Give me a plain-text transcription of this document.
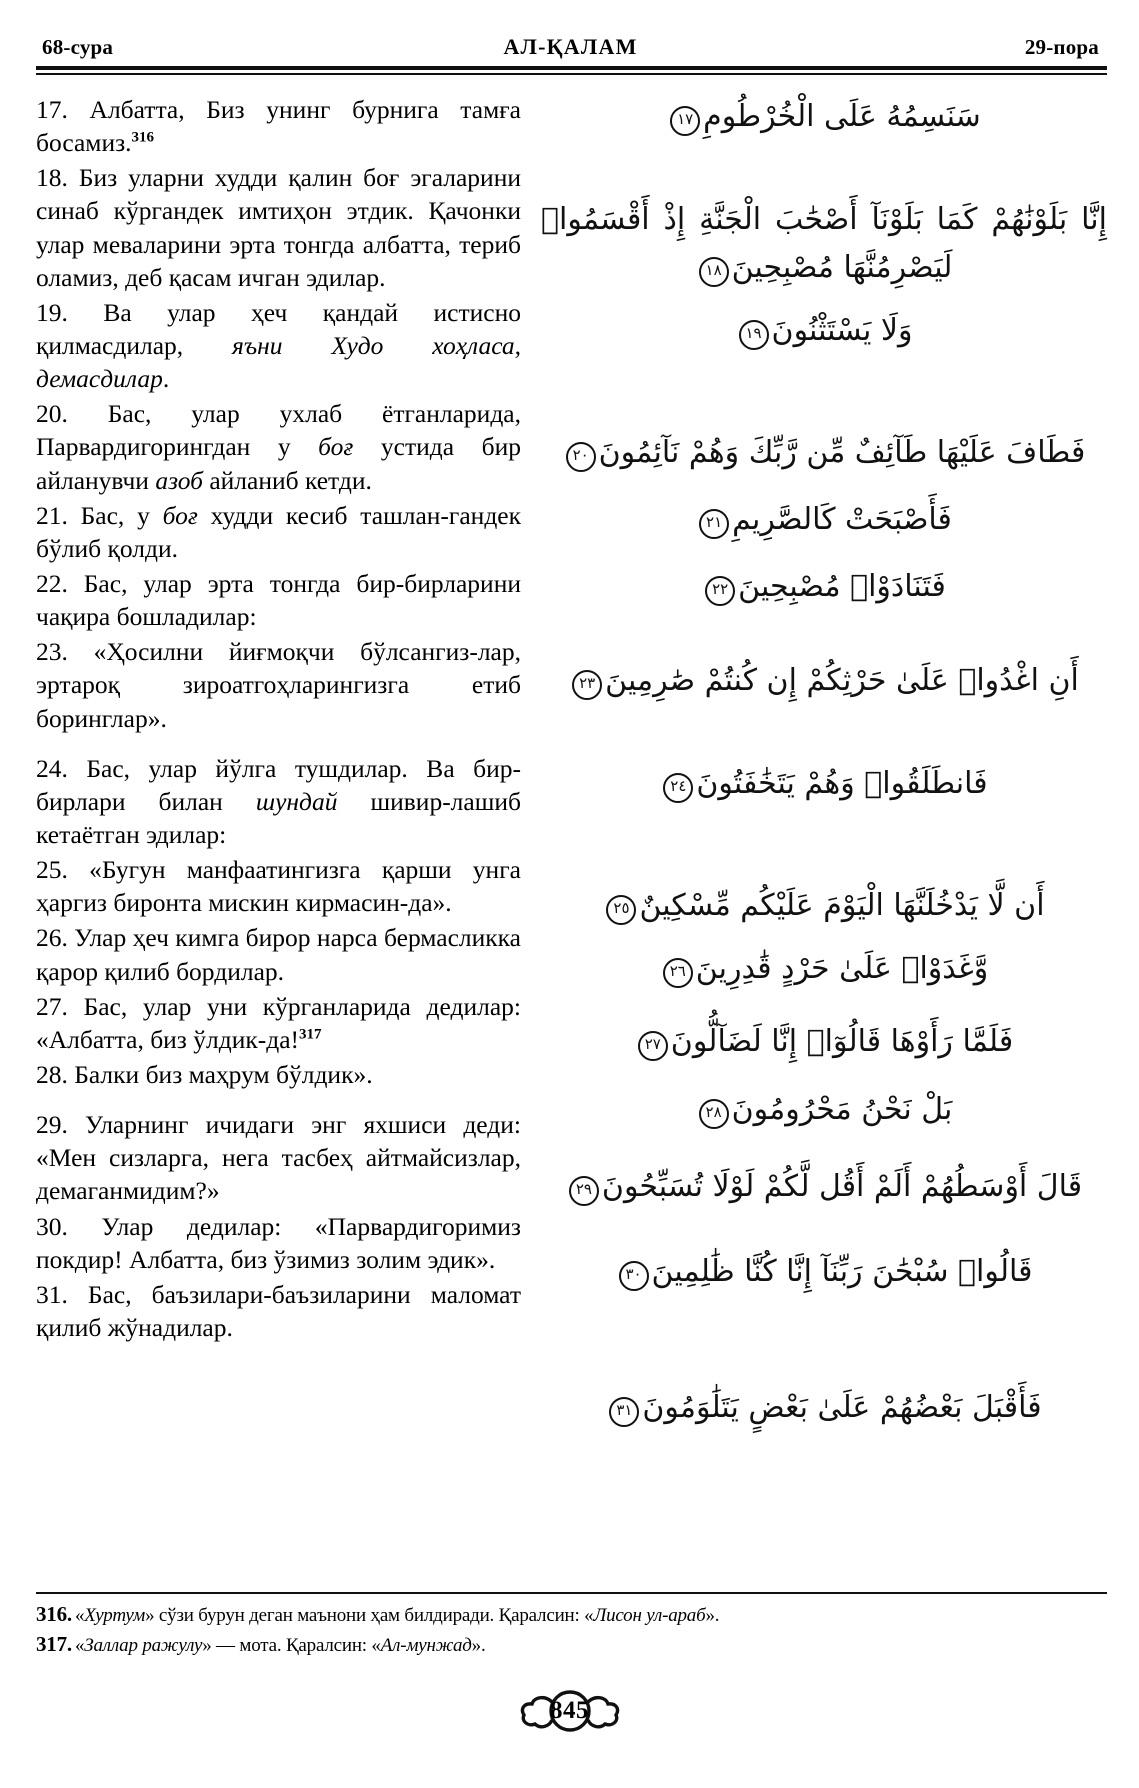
68-сура	АЛ-ҚАЛАМ	29-пора

17. Албатта, Биз унинг бурнига тамға босамиз.$^{316}$

18. Биз уларни худди қалин боғ эгаларини синаб кўргандек имтиҳон этдик. Қачонки улар меваларини эрта тонгда албатта, териб оламиз, деб қасам ичган эдилар.

19. Ва улар ҳеч қандай истисно қилмасдилар, яъни Худо хоҳласа, демасдилар.

20. Бас, улар ухлаб ётганларида, Парвардигорингдан у боғ устида бир айланувчи азоб айланиб кетди.

21. Бас, у боғ худди кесиб ташлан-гандек бўлиб қолди.

22. Бас, улар эрта тонгда бир-бирларини чақира бошладилар:

23. «Ҳосилни йиғмоқчи бўлсангиз-лар, эртароқ зироатгоҳларингизга етиб боринглар».

24. Бас, улар йўлга тушдилар. Ва бир-бирлари билан шундай шивир-лашиб кетаётган эдилар:

25. «Бугун манфаатингизга қарши унга ҳаргиз биронта мискин кирмасин-да».

26. Улар ҳеч кимга бирор нарса бермасликка қарор қилиб бордилар.

27. Бас, улар уни кўрганларида дедилар: «Албатта, биз ўлдик-да!$^{317}$

28. Балки биз маҳрум бўлдик».

29. Уларнинг ичидаги энг яхшиси деди: «Мен сизларга, нега тасбеҳ айтмайсизлар, демаганмидим?»

30. Улар дедилар: «Парвардигоримиз покдир! Албатта, биз ўзимиз золим эдик».

31. Бас, баъзилари-баъзиларини маломат қилиб жўнадилар.

سَنَسِمُهُ عَلَى الْخُرْطُومِ١٧

إِنَّا بَلَوْنَٰهُمْ كَمَا بَلَوْنَآ أَصْحَٰبَ الْجَنَّةِ إِذْ أَقْسَمُوا۟ لَيَصْرِمُنَّهَا مُصْبِحِينَ١٨

وَلَا يَسْتَثْنُونَ١٩

فَطَافَ عَلَيْهَا طَآئِفٌ مِّن رَّبِّكَ وَهُمْ نَآئِمُونَ٢٠

فَأَصْبَحَتْ كَالصَّرِيمِ٢١

فَتَنَادَوْا۟ مُصْبِحِينَ٢٢

أَنِ اغْدُوا۟ عَلَىٰ حَرْثِكُمْ إِن كُنتُمْ صَٰرِمِينَ٢٣

فَانطَلَقُوا۟ وَهُمْ يَتَخَٰفَتُونَ٢٤

أَن لَّا يَدْخُلَنَّهَا الْيَوْمَ عَلَيْكُم مِّسْكِينٌ٢٥

وَّغَدَوْا۟ عَلَىٰ حَرْدٍ قَٰدِرِينَ٢٦

فَلَمَّا رَأَوْهَا قَالُوٓا۟ إِنَّا لَضَآلُّونَ٢٧

بَلْ نَحْنُ مَحْرُومُونَ٢٨

قَالَ أَوْسَطُهُمْ أَلَمْ أَقُل لَّكُمْ لَوْلَا تُسَبِّحُونَ٢٩

قَالُوا۟ سُبْحَٰنَ رَبِّنَآ إِنَّا كُنَّا ظَٰلِمِينَ٣٠

فَأَقْبَلَ بَعْضُهُمْ عَلَىٰ بَعْضٍ يَتَلَٰوَمُونَ٣١

316. «Хуртум» сўзи бурун деган маънони ҳам билдиради. Қаралсин: «Лисон ул-араб».

317. «Заллар ражулу» — мота. Қаралсин: «Ал-мунжад».

845
